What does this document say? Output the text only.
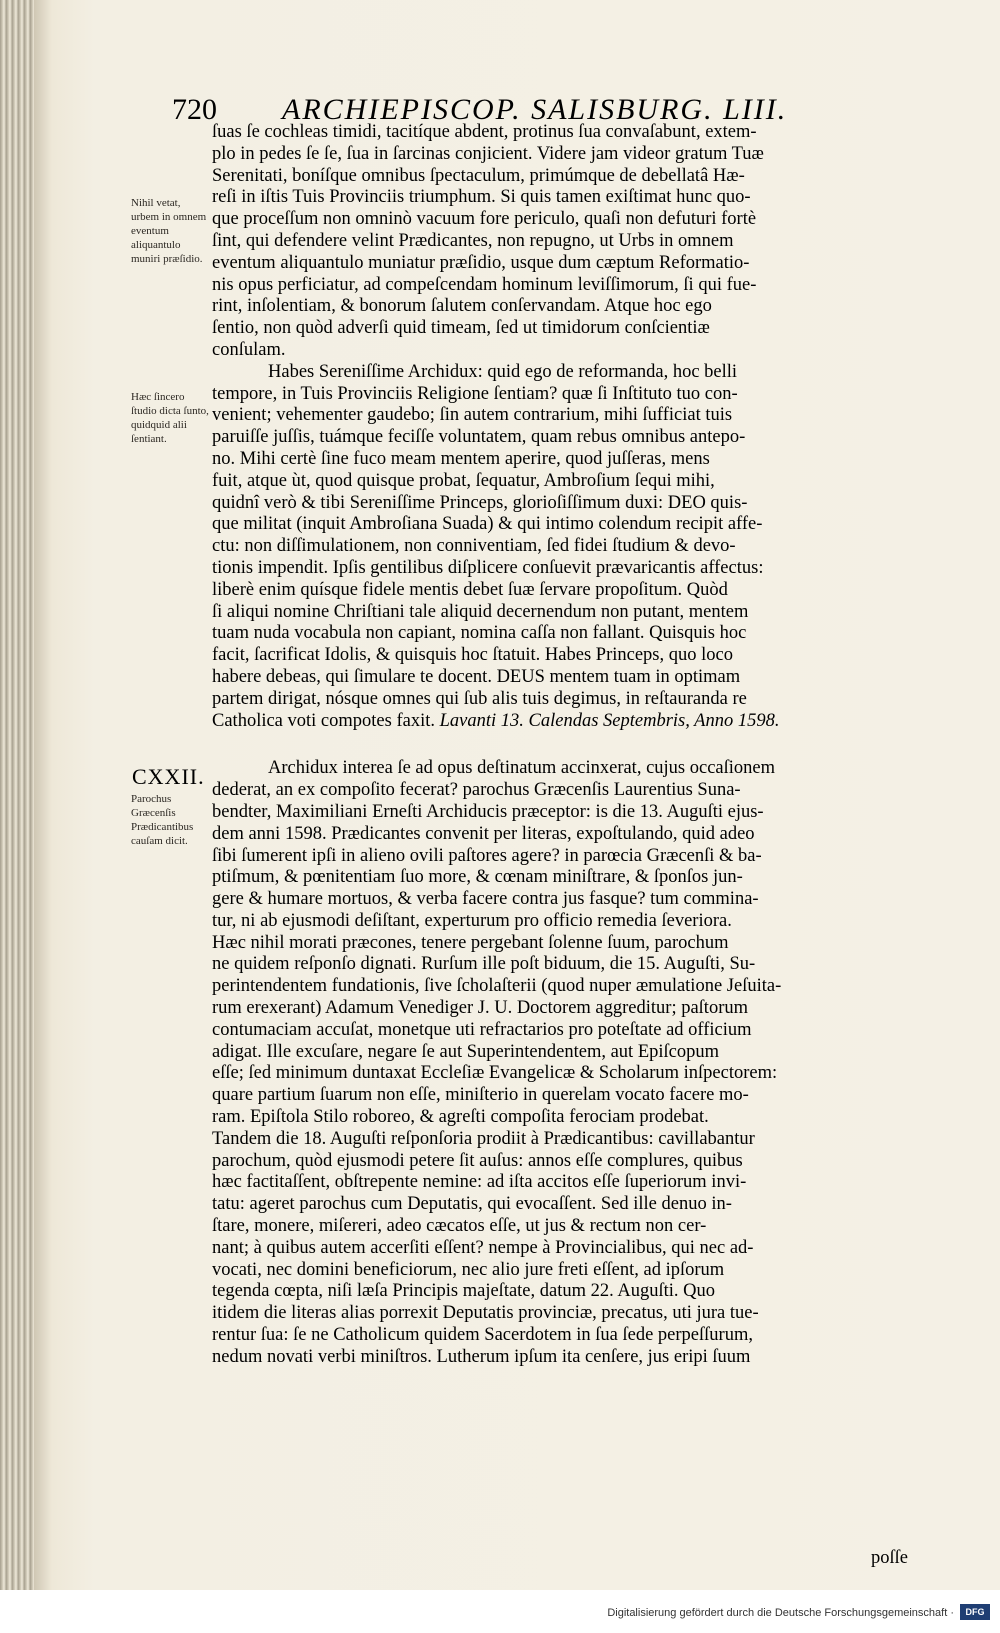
720 ARCHIEPISCOP. SALISBURG. LIII.
Nihil vetat, urbem in omnem eventum aliquantulo muniri præſidio.
Hæc ſincero ſtudio dicta ſunto, quidquid alii ſentiant.
CXXII.
Parochus Græcenſis Prædicantibus cauſam dicit.
ſuas ſe cochleas timidi, tacitíque abdent, protinus ſua convaſabunt, extem-
plo in pedes ſe ſe, ſua in ſarcinas conjicient. Videre jam videor gratum Tuæ
Serenitati, boníſque omnibus ſpectaculum, primúmque de debellatâ Hæ-
reſi in iſtis Tuis Provinciis triumphum. Si quis tamen exiſtimat hunc quo-
que proceſſum non omninò vacuum fore periculo, quaſi non defuturi fortè
ſint, qui defendere velint Prædicantes, non repugno, ut Urbs in omnem
eventum aliquantulo muniatur præſidio, usque dum cæptum Reformatio-
nis opus perficiatur, ad compeſcendam hominum leviſſimorum, ſi qui fue-
rint, inſolentiam, & bonorum ſalutem conſervandam. Atque hoc ego
ſentio, non quòd adverſi quid timeam, ſed ut timidorum conſcientiæ
conſulam.
Habes Sereniſſime Archidux: quid ego de reformanda, hoc belli
tempore, in Tuis Provinciis Religione ſentiam? quæ ſi Inſtituto tuo con-
venient; vehementer gaudebo; ſin autem contrarium, mihi ſufficiat tuis
paruiſſe juſſis, tuámque feciſſe voluntatem, quam rebus omnibus antepo-
no. Mihi certè ſine fuco meam mentem aperire, quod juſſeras, mens
fuit, atque ùt, quod quisque probat, ſequatur, Ambroſium ſequi mihi,
quidnî verò & tibi Sereniſſime Princeps, glorioſiſſimum duxi: DEO quis-
que militat (inquit Ambroſiana Suada) & qui intimo colendum recipit affe-
ctu: non diſſimulationem, non conniventiam, ſed fidei ſtudium & devo-
tionis impendit. Ipſis gentilibus diſplicere conſuevit prævaricantis affectus:
liberè enim quísque fidele mentis debet ſuæ ſervare propoſitum. Quòd
ſi aliqui nomine Chriſtiani tale aliquid decernendum non putant, mentem
tuam nuda vocabula non capiant, nomina caſſa non fallant. Quisquis hoc
facit, ſacrificat Idolis, & quisquis hoc ſtatuit. Habes Princeps, quo loco
habere debeas, qui ſimulare te docent. DEUS mentem tuam in optimam
partem dirigat, nósque omnes qui ſub alis tuis degimus, in reſtauranda re
Catholica voti compotes faxit. Lavanti 13. Calendas Septembris, Anno 1598.
Archidux interea ſe ad opus deſtinatum accinxerat, cujus occaſionem
dederat, an ex compoſito fecerat? parochus Græcenſis Laurentius Suna-
bendter, Maximiliani Erneſti Archiducis præceptor: is die 13. Auguſti ejus-
dem anni 1598. Prædicantes convenit per literas, expoſtulando, quid adeo
ſibi ſumerent ipſi in alieno ovili paſtores agere? in parœcia Græcenſi & ba-
ptiſmum, & pœnitentiam ſuo more, & cœnam miniſtrare, & ſponſos jun-
gere & humare mortuos, & verba facere contra jus fasque? tum commina-
tur, ni ab ejusmodi deſiſtant, experturum pro officio remedia ſeveriora.
Hæc nihil morati præcones, tenere pergebant ſolenne ſuum, parochum
ne quidem reſponſo dignati. Rurſum ille poſt biduum, die 15. Auguſti, Su-
perintendentem fundationis, ſive ſcholaſterii (quod nuper æmulatione Jeſuita-
rum erexerant) Adamum Venediger J. U. Doctorem aggreditur; paſtorum
contumaciam accuſat, monetque uti refractarios pro poteſtate ad officium
adigat. Ille excuſare, negare ſe aut Superintendentem, aut Epiſcopum
eſſe; ſed minimum duntaxat Eccleſiæ Evangelicæ & Scholarum inſpectorem:
quare partium ſuarum non eſſe, miniſterio in querelam vocato facere mo-
ram. Epiſtola Stilo roboreo, & agreſti compoſita ferociam prodebat.
Tandem die 18. Auguſti reſponſoria prodiit à Prædicantibus: cavillabantur
parochum, quòd ejusmodi petere ſit auſus: annos eſſe complures, quibus
hæc factitaſſent, obſtrepente nemine: ad iſta accitos eſſe ſuperiorum invi-
tatu: ageret parochus cum Deputatis, qui evocaſſent. Sed ille denuo in-
ſtare, monere, miſereri, adeo cæcatos eſſe, ut jus & rectum non cer-
nant; à quibus autem accerſiti eſſent? nempe à Provincialibus, qui nec ad-
vocati, nec domini beneficiorum, nec alio jure freti eſſent, ad ipſorum
tegenda cœpta, niſi læſa Principis majeſtate, datum 22. Auguſti. Quo
itidem die literas alias porrexit Deputatis provinciæ, precatus, uti jura tue-
rentur ſua: ſe ne Catholicum quidem Sacerdotem in ſua ſede perpeſſurum,
nedum novati verbi miniſtros. Lutherum ipſum ita cenſere, jus eripi ſuum
poſſe
Digitalisierung gefördert durch die Deutsche Forschungsgemeinschaft ·	DFG
